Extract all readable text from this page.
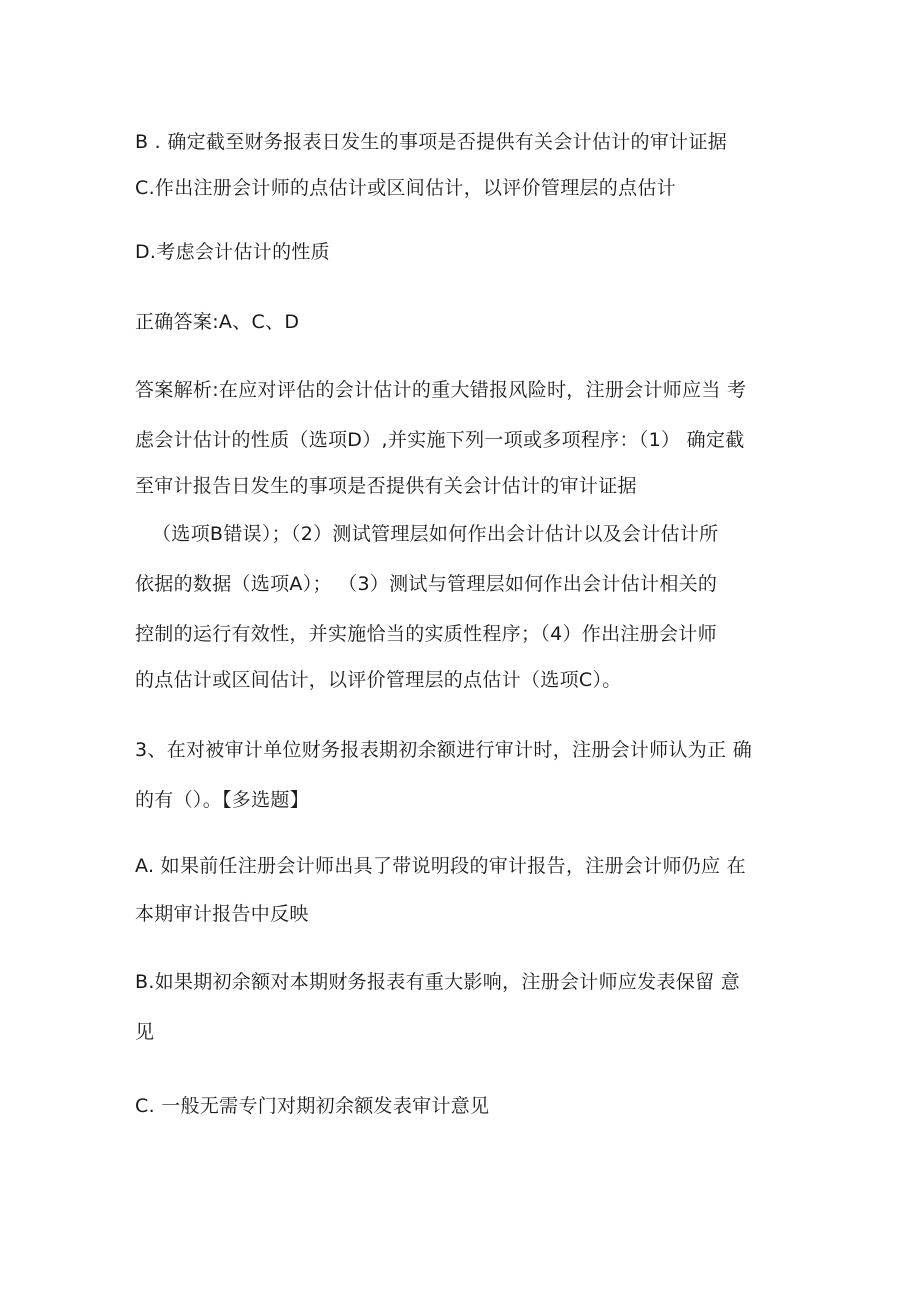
B . 确定截至财务报表日发生的事项是否提供有关会计估计的审计证据
C.作出注册会计师的点估计或区间估计，以评价管理层的点估计
D.考虑会计估计的性质
正确答案:A、C、D
答案解析:在应对评估的会计估计的重大错报风险时，注册会计师应当 考
虑会计估计的性质（选项D）,并实施下列一项或多项程序：（1） 确定截
至审计报告日发生的事项是否提供有关会计估计的审计证据
（选项B错误）；（2）测试管理层如何作出会计估计以及会计估计所
依据的数据（选项A）； （3）测试与管理层如何作出会计估计相关的
控制的运行有效性，并实施恰当的实质性程序；（4）作出注册会计师
的点估计或区间估计，以评价管理层的点估计（选项C）。
3、在对被审计单位财务报表期初余额进行审计时，注册会计师认为正 确
的有（）。【多选题】
A. 如果前任注册会计师出具了带说明段的审计报告，注册会计师仍应 在
本期审计报告中反映
B.如果期初余额对本期财务报表有重大影响，注册会计师应发表保留 意
见
C. 一般无需专门对期初余额发表审计意见
